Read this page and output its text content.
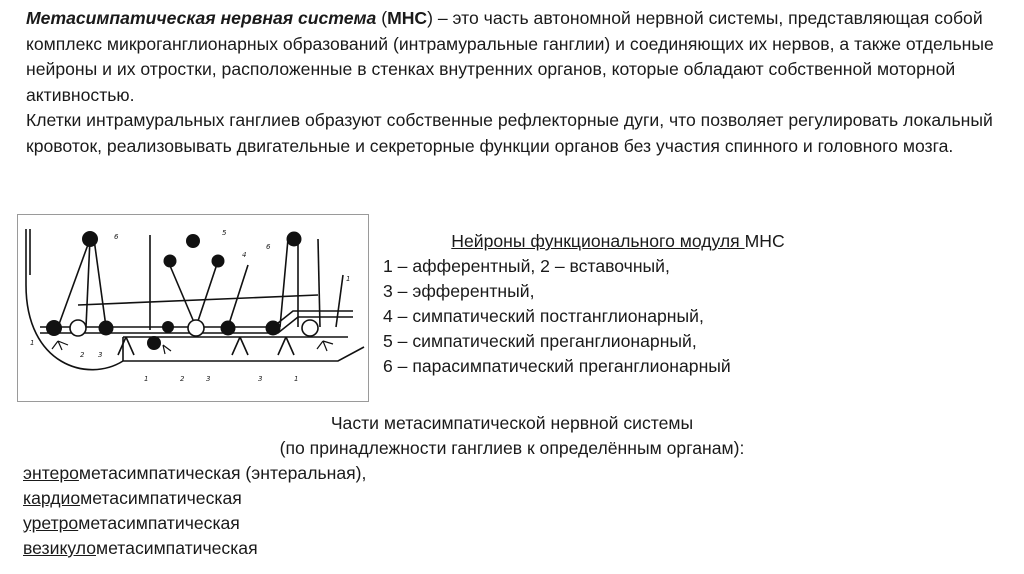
Метасимпатическая нервная система (МНС) – это часть автономной нервной системы, представляющая собой комплекс микроганглионарных образований (интрамуральные ганглии) и соединяющих их нервов, а также отдельные нейроны и их отростки, расположенные в стенках внутренних органов, которые обладают собственной моторной активностью.

Клетки интрамуральных ганглиев образуют собственные рефлекторные дуги, что позволяет регулировать локальный кровоток, реализовывать двигательные и секреторные функции органов без участия спинного и головного мозга.

6	5
4
6
1
2 3
1	2	3	3	1
1
Нейроны функционального модуля МНС
1 – афферентный, 2 – вставочный,
3 – эфферентный,
4 – симпатический постганглионарный,
5 – симпатический преганглионарный,
6 – парасимпатический преганглионарный
Части метасимпатической нервной системы
(по принадлежности ганглиев к определённым органам):
энтерометасимпатическая (энтеральная),
кардиометасимпатическая
уретрометасимпатическая
везикулометасимпатическая
